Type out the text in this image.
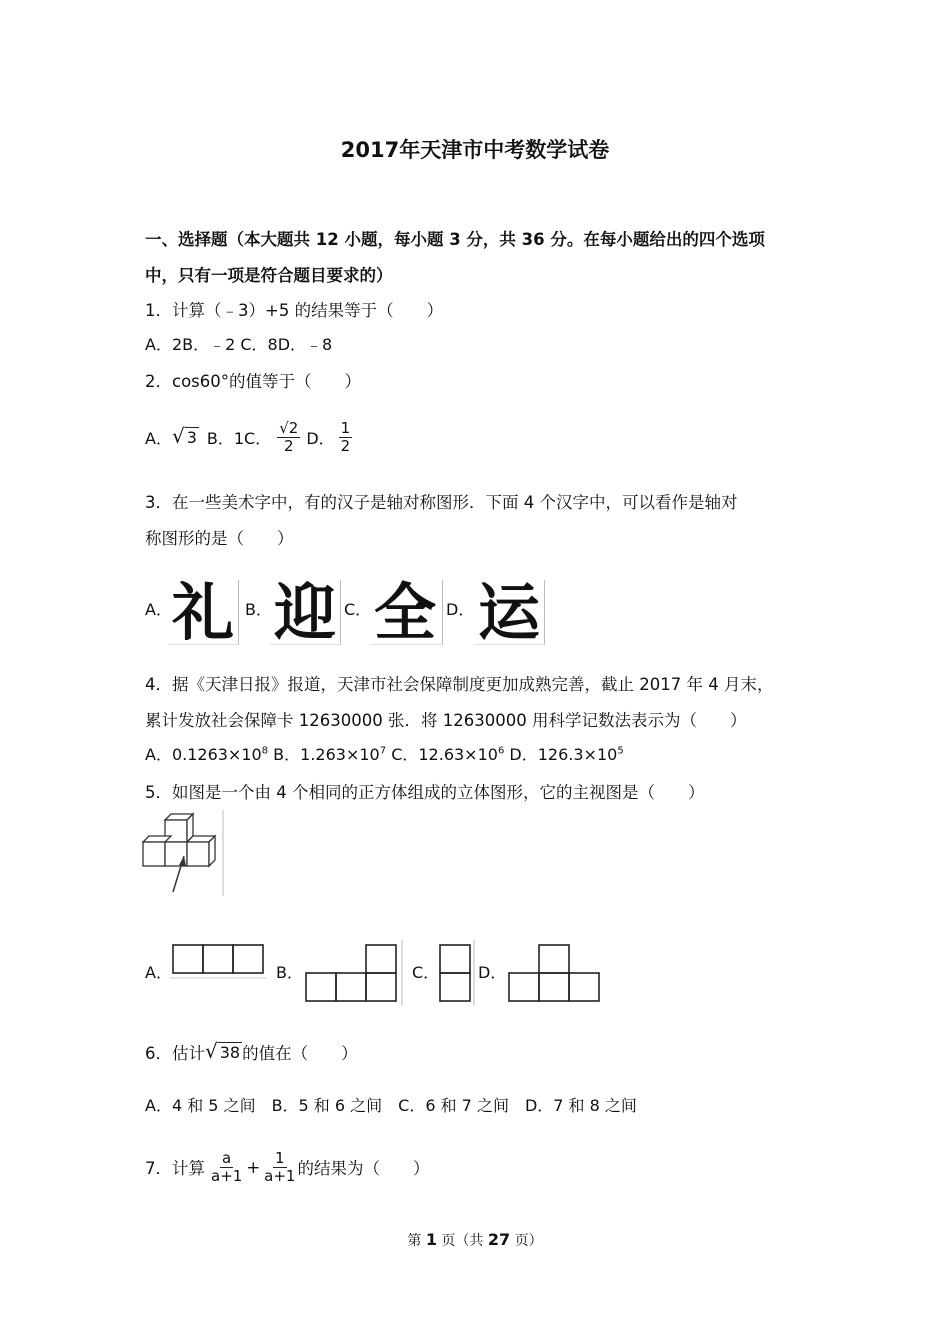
2017年天津市中考数学试卷
一、选择题（本大题共 12 小题，每小题 3 分，共 36 分。在每小题给出的四个选项
中，只有一项是符合题目要求的）
1．计算（﹣3）+5 的结果等于（　　）
A．2B．﹣2 C．8D．﹣8
2．cos60°的值等于（　　）
A． √ 3 B．1C． $\frac{√2}{2}$ D． $\frac{1}{2}$
3．在一些美术字中，有的汉子是轴对称图形．下面 4 个汉字中，可以看作是轴对
称图形的是（　　）
A． 礼 B． 迎 C． 全 D． 运
4．据《天津日报》报道，天津市社会保障制度更加成熟完善，截止 2017 年 4 月末，
累计发放社会保障卡 12630000 张．将 12630000 用科学记数法表示为（　　）
A．$0.1263\times 10^8$ B．$1.263\times 10^7$ C．$12.63\times 10^6$ D．$126.3\times 10^5$
5．如图是一个由 4 个相同的正方体组成的立体图形，它的主视图是（　　）
A．	B．	C． D．
6．估计 √ 38 的值在（　　）
A．4 和 5 之间　B．5 和 6 之间　C．6 和 7 之间　D．7 和 8 之间
7．计算 $\frac{a}{a+1} + \frac{1}{a+1}$ 的结果为（　　）
第 1 页（共 27 页）
